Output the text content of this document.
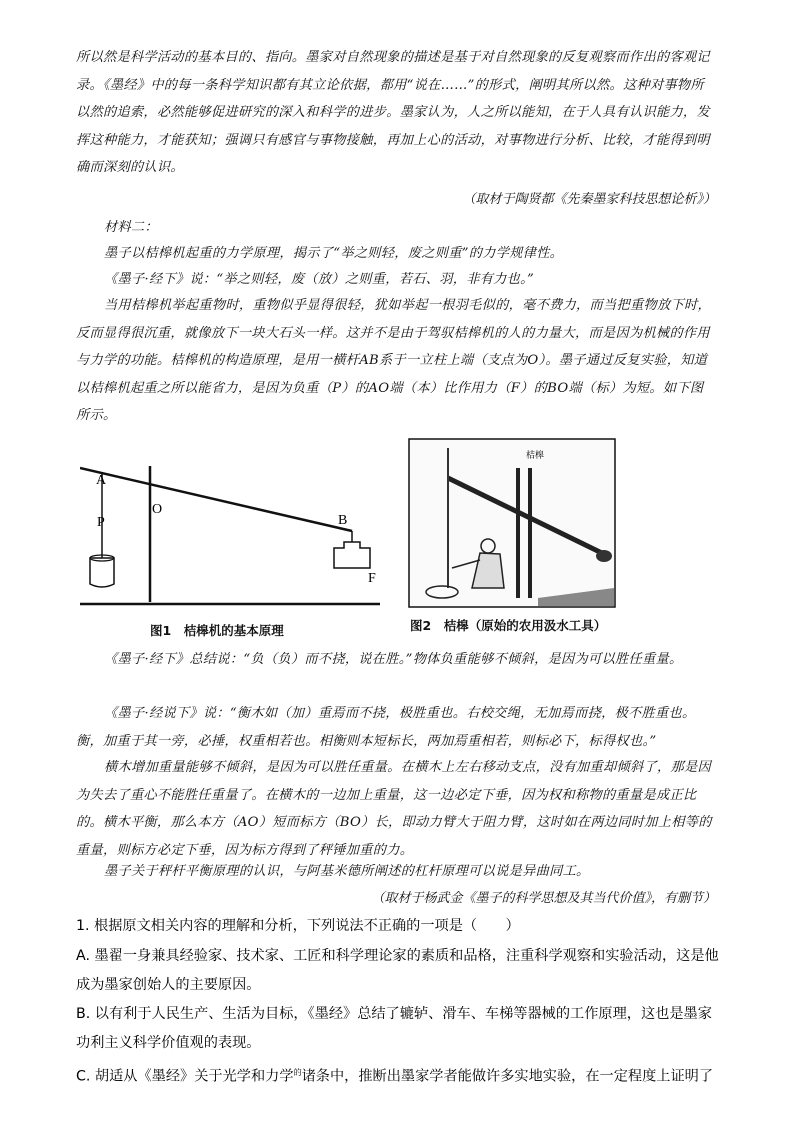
所以然是科学活动的基本目的、指向。墨家对自然现象的描述是基于对自然现象的反复观察而作出的客观记录。《墨经》中的每一条科学知识都有其立论依据，都用“说在……”的形式，阐明其所以然。这种对事物所以然的追索，必然能够促进研究的深入和科学的进步。墨家认为，人之所以能知，在于人具有认识能力，发挥这种能力，才能获知；强调只有感官与事物接触，再加上心的活动，对事物进行分析、比较，才能得到明确而深刻的认识。

（取材于陶贤都《先秦墨家科技思想论析》）

材料二：

墨子以桔槔机起重的力学原理，揭示了“举之则轻，废之则重”的力学规律性。

《墨子·经下》说：“举之则轻，废（放）之则重，若石、羽，非有力也。”

当用桔槔机举起重物时，重物似乎显得很轻，犹如举起一根羽毛似的，毫不费力，而当把重物放下时，反而显得很沉重，就像放下一块大石头一样。这并不是由于驾驭桔槔机的人的力量大，而是因为机械的作用与力学的功能。桔槔机的构造原理，是用一横杆AB系于一立柱上端（支点为O）。墨子通过反复实验，知道以桔槔机起重之所以能省力，是因为负重（P）的AO端（本）比作用力（F）的BO端（标）为短。如下图所示。

A
P
O
B
F
图1　桔槔机的基本原理
桔槔
图2　桔槔（原始的农用汲水工具）

《墨子·经下》总结说：“负（负）而不挠，说在胜。”物体负重能够不倾斜，是因为可以胜任重量。

《墨子·经说下》说：“衡木如（加）重焉而不挠，极胜重也。右校交绳，无加焉而挠，极不胜重也。衡，加重于其一旁，必捶，权重相若也。相衡则本短标长，两加焉重相若，则标必下，标得权也。”

横木增加重量能够不倾斜，是因为可以胜任重量。在横木上左右移动支点，没有加重却倾斜了，那是因为失去了重心不能胜任重量了。在横木的一边加上重量，这一边必定下垂，因为权和称物的重量是成正比的。横木平衡，那么本方（AO）短而标方（BO）长，即动力臂大于阻力臂，这时如在两边同时加上相等的重量，则标方必定下垂，因为标方得到了秤锤加重的力。

墨子关于秤杆平衡原理的认识，与阿基米德所阐述的杠杆原理可以说是异曲同工。

（取材于杨武金《墨子的科学思想及其当代价值》，有删节）

1. 根据原文相关内容的理解和分析，下列说法不正确的一项是（　　）

A. 墨翟一身兼具经验家、技术家、工匠和科学理论家的素质和品格，注重科学观察和实验活动，这是他成为墨家创始人的主要原因。

B. 以有利于人民生产、生活为目标，《墨经》总结了辘轳、滑车、车梯等器械的工作原理，这也是墨家功利主义科学价值观的表现。

C. 胡适从《墨经》关于光学和力学$^的$诸条中，推断出墨家学者能做许多实地实验，在一定程度上证明了
